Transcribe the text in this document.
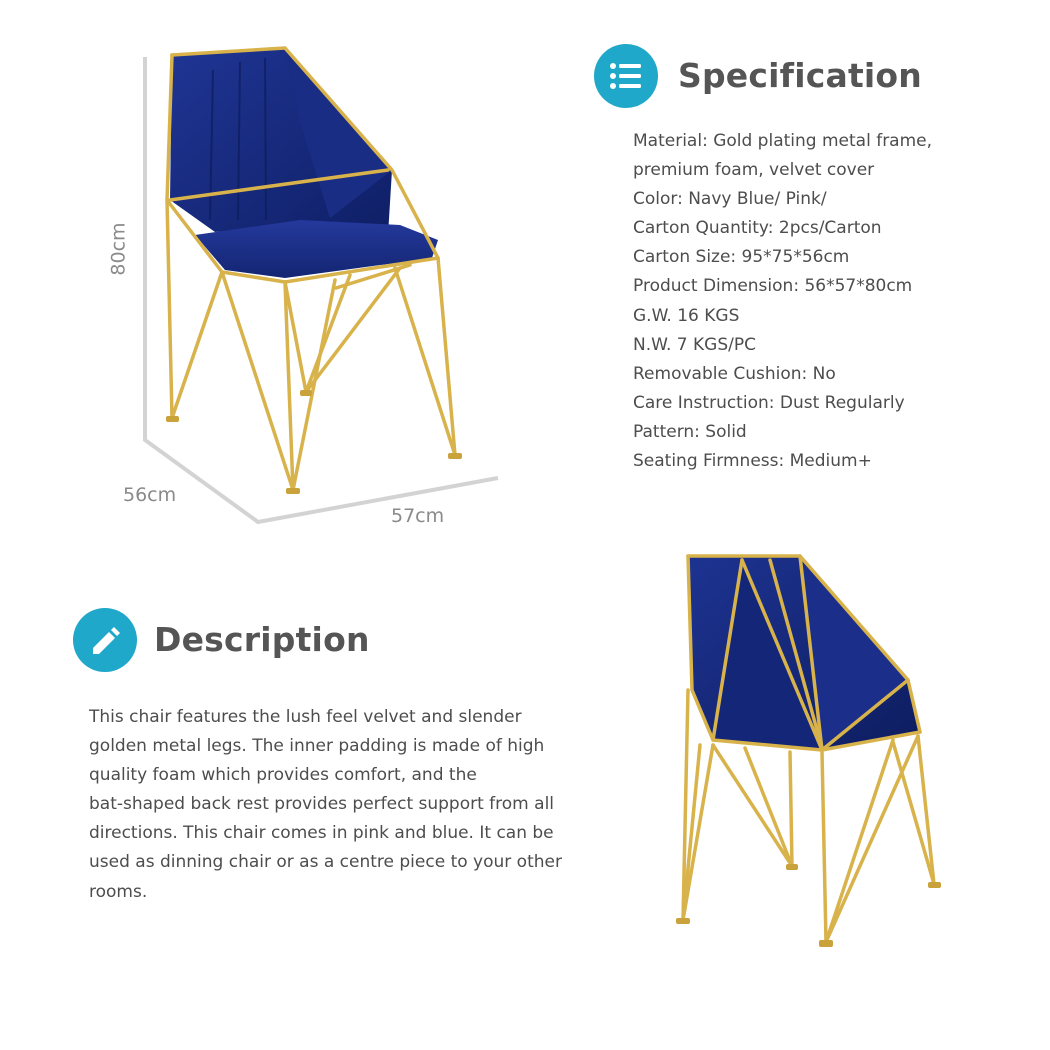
80cm
56cm
57cm
Specification
Material: Gold plating metal frame,
premium foam, velvet cover
Color: Navy Blue/ Pink/
Carton Quantity: 2pcs/Carton
Carton Size: 95*75*56cm
Product Dimension: 56*57*80cm
G.W. 16 KGS
N.W. 7 KGS/PC
Removable Cushion: No
Care Instruction: Dust Regularly
Pattern: Solid
Seating Firmness: Medium+
Description

This chair features the lush feel velvet and slender

golden metal legs. The inner padding is made of high

quality foam which provides comfort, and the

bat-shaped back rest provides perfect support from all

directions. This chair comes in pink and blue. It can be

used as dinning chair or as a centre piece to your other

rooms.
